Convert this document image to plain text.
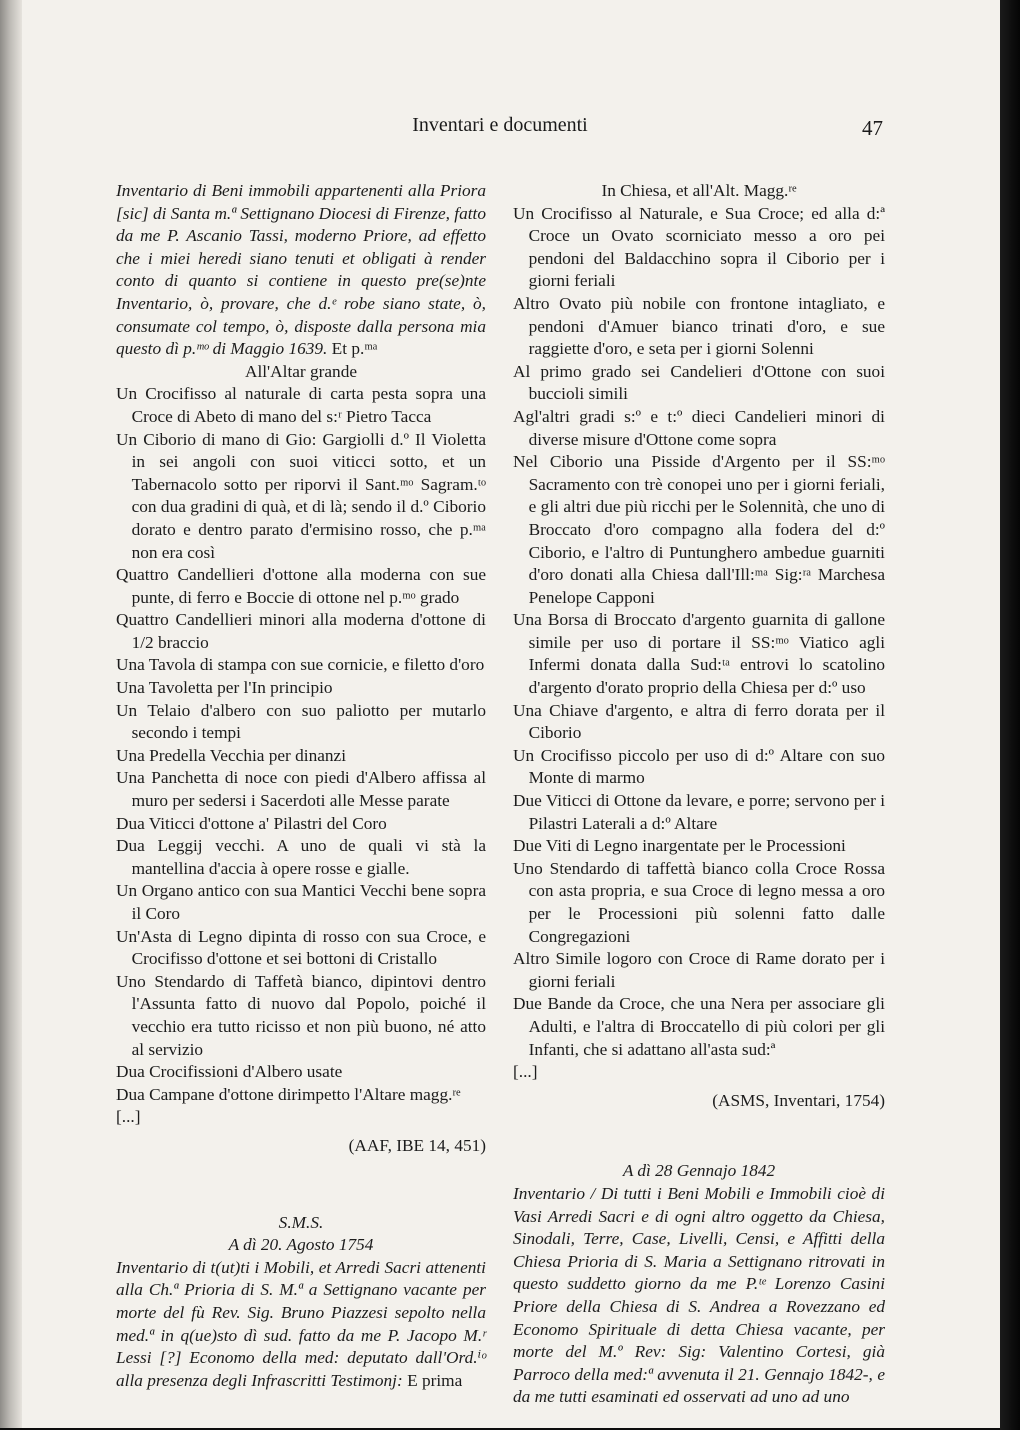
Inventari e documenti	47

Inventario di Beni immobili appartenenti alla Priora [sic] di Santa m.ª Settignano Diocesi di Firenze, fatto da me P. Ascanio Tassi, moderno Priore, ad effetto che i miei heredi siano tenuti et obligati à render conto di quanto si contiene in questo pre(se)nte Inventario, ò, provare, che d.ᵉ robe siano state, ò, consumate col tempo, ò, disposte dalla persona mia questo dì p.ᵐᵒ di Maggio 1639. Et p.ᵐᵃ

All'Altar grande

Un Crocifisso al naturale di carta pesta sopra una Croce di Abeto di mano del s:ʳ Pietro Tacca

Un Ciborio di mano di Gio: Gargiolli d.º Il Violetta in sei angoli con suoi viticci sotto, et un Tabernacolo sotto per riporvi il Sant.ᵐᵒ Sagram.ᵗᵒ con dua gradini di quà, et di là; sendo il d.º Ciborio dorato e dentro parato d'ermisino rosso, che p.ᵐᵃ non era così

Quattro Candellieri d'ottone alla moderna con sue punte, di ferro e Boccie di ottone nel p.ᵐᵒ grado

Quattro Candellieri minori alla moderna d'ottone di 1/2 braccio

Una Tavola di stampa con sue cornicie, e filetto d'oro

Una Tavoletta per l'In principio

Un Telaio d'albero con suo paliotto per mutarlo secondo i tempi

Una Predella Vecchia per dinanzi

Una Panchetta di noce con piedi d'Albero affissa al muro per sedersi i Sacerdoti alle Messe parate

Dua Viticci d'ottone a' Pilastri del Coro

Dua Leggij vecchi. A uno de quali vi stà la mantellina d'accia à opere rosse e gialle.

Un Organo antico con sua Mantici Vecchi bene sopra il Coro

Un'Asta di Legno dipinta di rosso con sua Croce, e Crocifisso d'ottone et sei bottoni di Cristallo

Uno Stendardo di Taffetà bianco, dipintovi dentro l'Assunta fatto di nuovo dal Popolo, poiché il vecchio era tutto ricisso et non più buono, né atto al servizio

Dua Crocifissioni d'Albero usate

Dua Campane d'ottone dirimpetto l'Altare magg.ʳᵉ

[...]

(AAF, IBE 14, 451)

S.M.S.

A dì 20. Agosto 1754

Inventario di t(ut)ti i Mobili, et Arredi Sacri attenenti alla Ch.ª Prioria di S. M.ª a Settignano vacante per morte del fù Rev. Sig. Bruno Piazzesi sepolto nella med.ª in q(ue)sto dì sud. fatto da me P. Jacopo M.ʳ Lessi [?] Economo della med: deputato dall'Ord.ⁱᵒ alla presenza degli Infrascritti Testimonj: E prima

In Chiesa, et all'Alt. Magg.ʳᵉ

Un Crocifisso al Naturale, e Sua Croce; ed alla d:ª Croce un Ovato scorniciato messo a oro pei pendoni del Baldacchino sopra il Ciborio per i giorni feriali

Altro Ovato più nobile con frontone intagliato, e pendoni d'Amuer bianco trinati d'oro, e sue raggiette d'oro, e seta per i giorni Solenni

Al primo grado sei Candelieri d'Ottone con suoi buccioli simili

Agl'altri gradi s:º e t:º dieci Candelieri minori di diverse misure d'Ottone come sopra

Nel Ciborio una Pisside d'Argento per il SS:ᵐᵒ Sacramento con trè conopei uno per i giorni feriali, e gli altri due più ricchi per le Solennità, che uno di Broccato d'oro compagno alla fodera del d:º Ciborio, e l'altro di Puntunghero ambedue guarniti d'oro donati alla Chiesa dall'Ill:ᵐᵃ Sig:ʳᵃ Marchesa Penelope Capponi

Una Borsa di Broccato d'argento guarnita di gallone simile per uso di portare il SS:ᵐᵒ Viatico agli Infermi donata dalla Sud:ᵗᵃ entrovi lo scatolino d'argento d'orato proprio della Chiesa per d:º uso

Una Chiave d'argento, e altra di ferro dorata per il Ciborio

Un Crocifisso piccolo per uso di d:º Altare con suo Monte di marmo

Due Viticci di Ottone da levare, e porre; servono per i Pilastri Laterali a d:º Altare

Due Viti di Legno inargentate per le Processioni

Uno Stendardo di taffettà bianco colla Croce Rossa con asta propria, e sua Croce di legno messa a oro per le Processioni più solenni fatto dalle Congregazioni

Altro Simile logoro con Croce di Rame dorato per i giorni feriali

Due Bande da Croce, che una Nera per associare gli Adulti, e l'altra di Broccatello di più colori per gli Infanti, che si adattano all'asta sud:ª

[...]

(ASMS, Inventari, 1754)

A dì 28 Gennajo 1842

Inventario / Di tutti i Beni Mobili e Immobili cioè di Vasi Arredi Sacri e di ogni altro oggetto da Chiesa, Sinodali, Terre, Case, Livelli, Censi, e Affitti della Chiesa Prioria di S. Maria a Settignano ritrovati in questo suddetto giorno da me P.ᵗᵉ Lorenzo Casini Priore della Chiesa di S. Andrea a Rovezzano ed Economo Spirituale di detta Chiesa vacante, per morte del M.º Rev: Sig: Valentino Cortesi, già Parroco della med:ª avvenuta il 21. Gennajo 1842-, e da me tutti esaminati ed osservati ad uno ad uno
